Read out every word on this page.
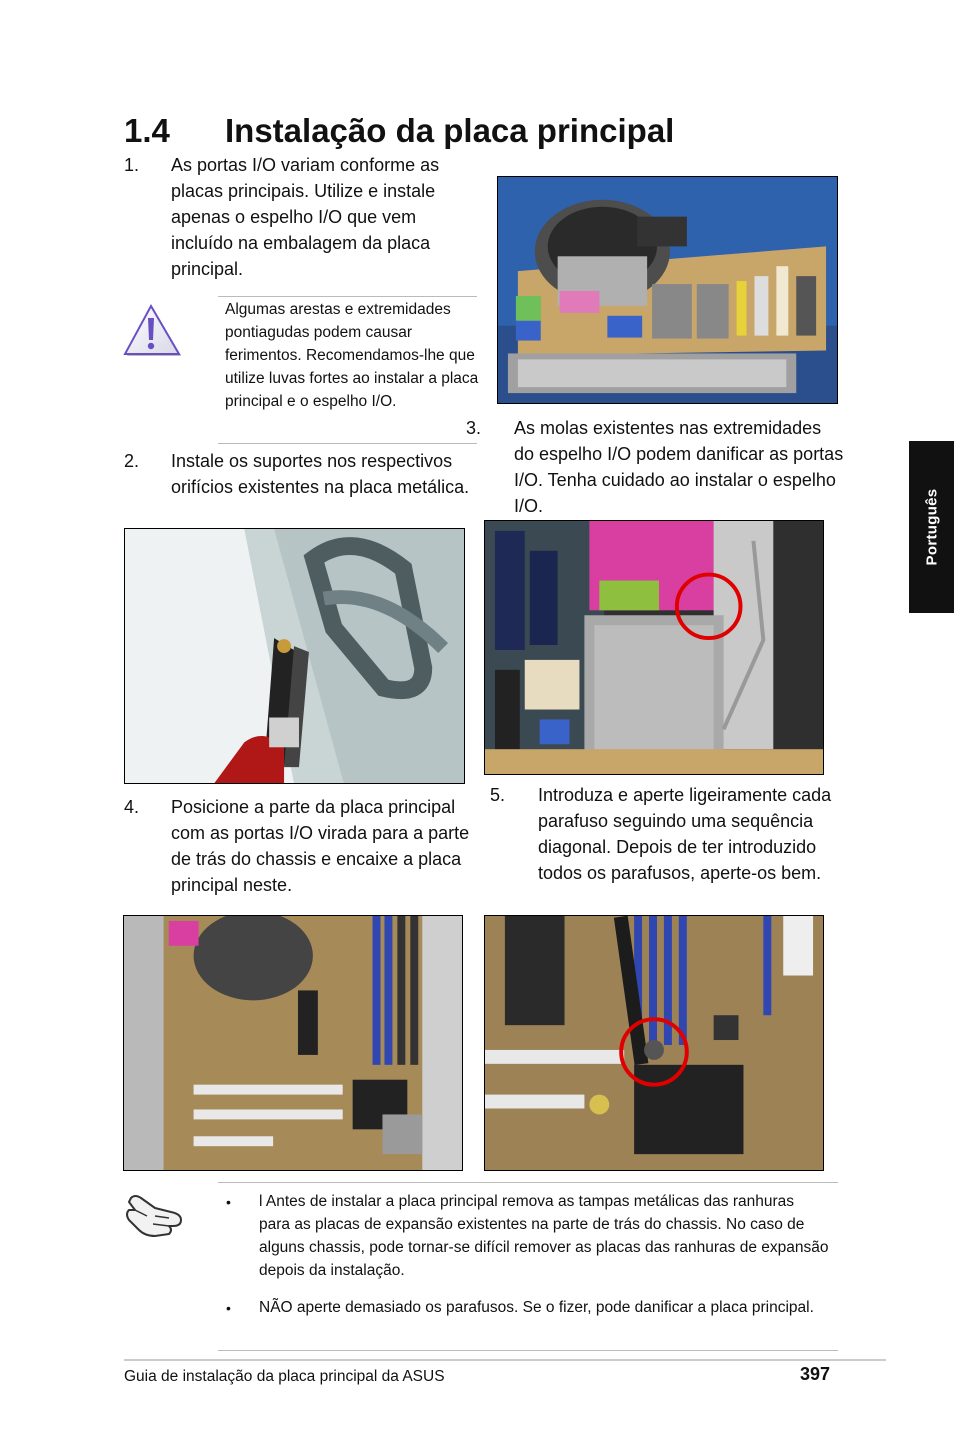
1.4 Instalação da placa principal
1. As portas I/O variam conforme as placas principais. Utilize e instale apenas o espelho I/O que vem incluído na embalagem da placa principal.
Algumas arestas e extremidades pontiagudas podem causar ferimentos. Recomendamos-lhe que utilize luvas fortes ao instalar a placa principal e o espelho I/O.
2. Instale os suportes nos respectivos orifícios existentes na placa metálica.
3. As molas existentes nas extremidades do espelho I/O podem danificar as portas I/O. Tenha cuidado ao instalar o espelho I/O.
4. Posicione a parte da placa principal com as portas I/O virada para a parte de trás do chassis e encaixe a placa principal neste.
5. Introduza e aperte ligeiramente cada parafuso seguindo uma sequência diagonal. Depois de ter introduzido todos os parafusos, aperte-os bem.
• l Antes de instalar a placa principal remova as tampas metálicas das ranhuras para as placas de expansão existentes na parte de trás do chassis. No caso de alguns chassis, pode tornar-se difícil remover as placas das ranhuras de expansão depois da instalação.
• NÃO aperte demasiado os parafusos. Se o fizer, pode danificar a placa principal.
Português
Guia de instalação da placa principal da ASUS	397
